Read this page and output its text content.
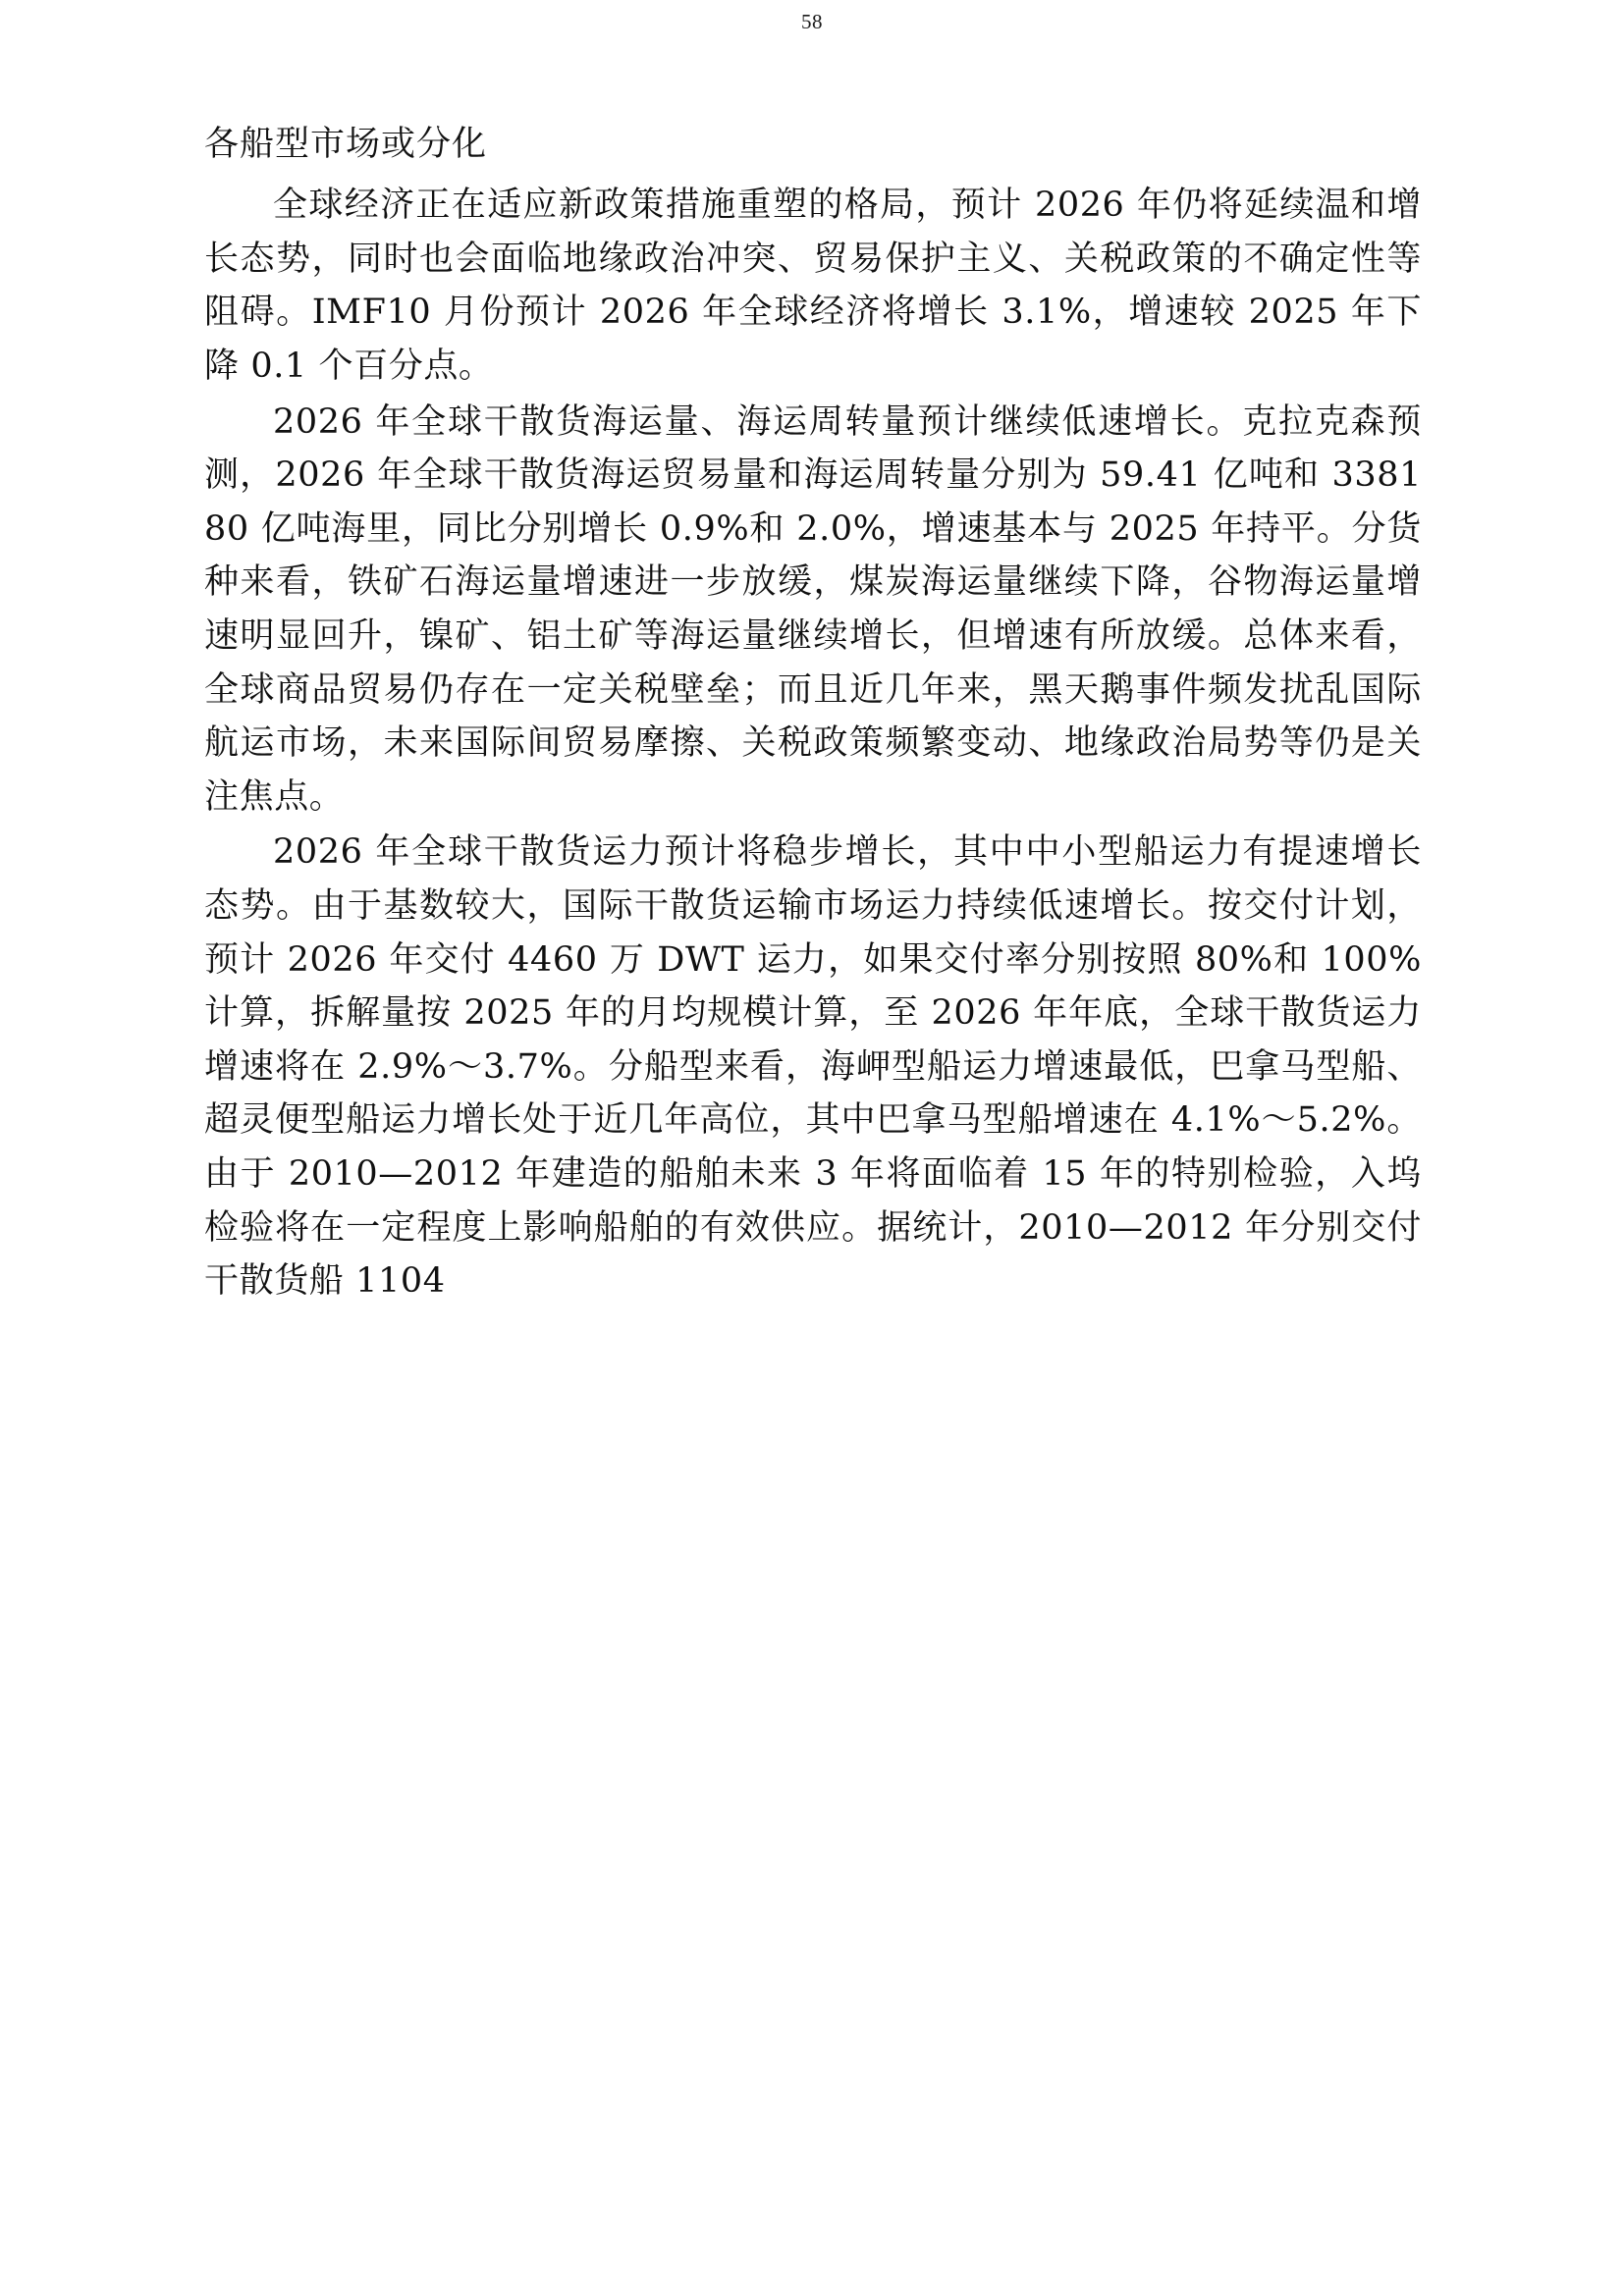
58
各船型市场或分化

全球经济正在适应新政策措施重塑的格局，预计 2026 年仍将延续温和增长态势，同时也会面临地缘政治冲突、贸易保护主义、关税政策的不确定性等阻碍。IMF10 月份预计 2026 年全球经济将增长 3.1%，增速较 2025 年下降 0.1 个百分点。

2026 年全球干散货海运量、海运周转量预计继续低速增长。克拉克森预测，2026 年全球干散货海运贸易量和海运周转量分别为 59.41 亿吨和 338180 亿吨海里，同比分别增长 0.9%和 2.0%，增速基本与 2025 年持平。分货种来看，铁矿石海运量增速进一步放缓，煤炭海运量继续下降，谷物海运量增速明显回升，镍矿、铝土矿等海运量继续增长，但增速有所放缓。总体来看，全球商品贸易仍存在一定关税壁垒；而且近几年来，黑天鹅事件频发扰乱国际航运市场，未来国际间贸易摩擦、关税政策频繁变动、地缘政治局势等仍是关注焦点。

2026 年全球干散货运力预计将稳步增长，其中中小型船运力有提速增长态势。由于基数较大，国际干散货运输市场运力持续低速增长。按交付计划，预计 2026 年交付 4460 万 DWT 运力，如果交付率分别按照 80%和 100%计算，拆解量按 2025 年的月均规模计算，至 2026 年年底，全球干散货运力增速将在 2.9%～3.7%。分船型来看，海岬型船运力增速最低，巴拿马型船、超灵便型船运力增长处于近几年高位，其中巴拿马型船增速在 4.1%～5.2%。由于 2010—2012 年建造的船舶未来 3 年将面临着 15 年的特别检验，入坞检验将在一定程度上影响船舶的有效供应。据统计，2010—2012 年分别交付干散货船 1104
